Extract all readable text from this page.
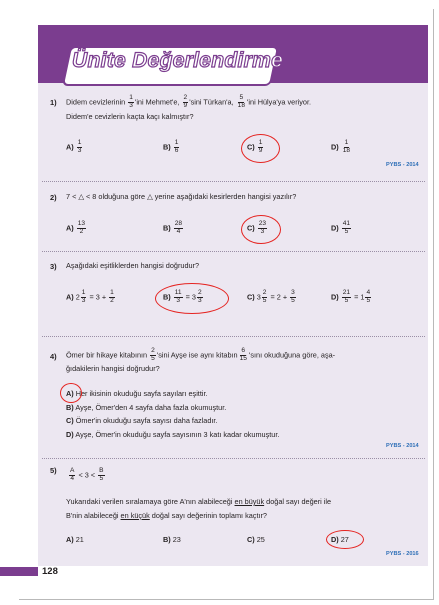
Ünite Değerlendirme
1) Didem cevizlerinin $\frac{1}{3}$ 'ini Mehmet'e, $\frac{2}{9}$ 'sini Türkan'a, $\frac{5}{18}$ 'ini Hülya'ya veriyor.
Didem'e cevizlerin kaçta kaçı kalmıştır?
$A) \frac{1}{3}$	$B) \frac{1}{6}$	$C) \frac{1}{9}$	$D) \frac{1}{18}$
PYBS - 2014
2) 7 < △ < 8 olduğuna göre △ yerine aşağıdaki kesirlerden hangisi yazılır?
$A) \frac{13}{2}$	$B) \frac{28}{4}$	$C) \frac{23}{3}$	$D) \frac{41}{5}$
3) Aşağıdaki eşitliklerden hangisi doğrudur?
A) $2 \frac{1}{3} = 3 + \frac{1}{2}$	$B) \frac{11}{3} = 3 \frac{2}{3}$	C) $3 \frac{2}{5} = 2 + \frac{3}{5}$	$D) \frac{21}{5} = 1 \frac{4}{5}$
4) Ömer bir hikaye kitabının $\frac{2}{5}$ 'sini Ayşe ise aynı kitabın $\frac{6}{15}$ 'sını okuduğuna göre, aşa-
ğıdakilerin hangisi doğrudur?
A) Her ikisinin okuduğu sayfa sayıları eşittir.
B) Ayşe, Ömer'den 4 sayfa daha fazla okumuştur.
C) Ömer'in okuduğu sayfa sayısı daha fazladır.
D) Ayşe, Ömer'in okuduğu sayfa sayısının 3 katı kadar okumuştur.
PYBS - 2014
$5) \frac{A}{4} < 3 < \frac{B}{5}$
Yukarıdaki verilen sıralamaya göre A'nın alabileceği en büyük doğal sayı değeri ile
B'nin alabileceği en küçük doğal sayı değerinin toplamı kaçtır?
A) 21	B) 23	C) 25	D) 27
PYBS - 2016
128
